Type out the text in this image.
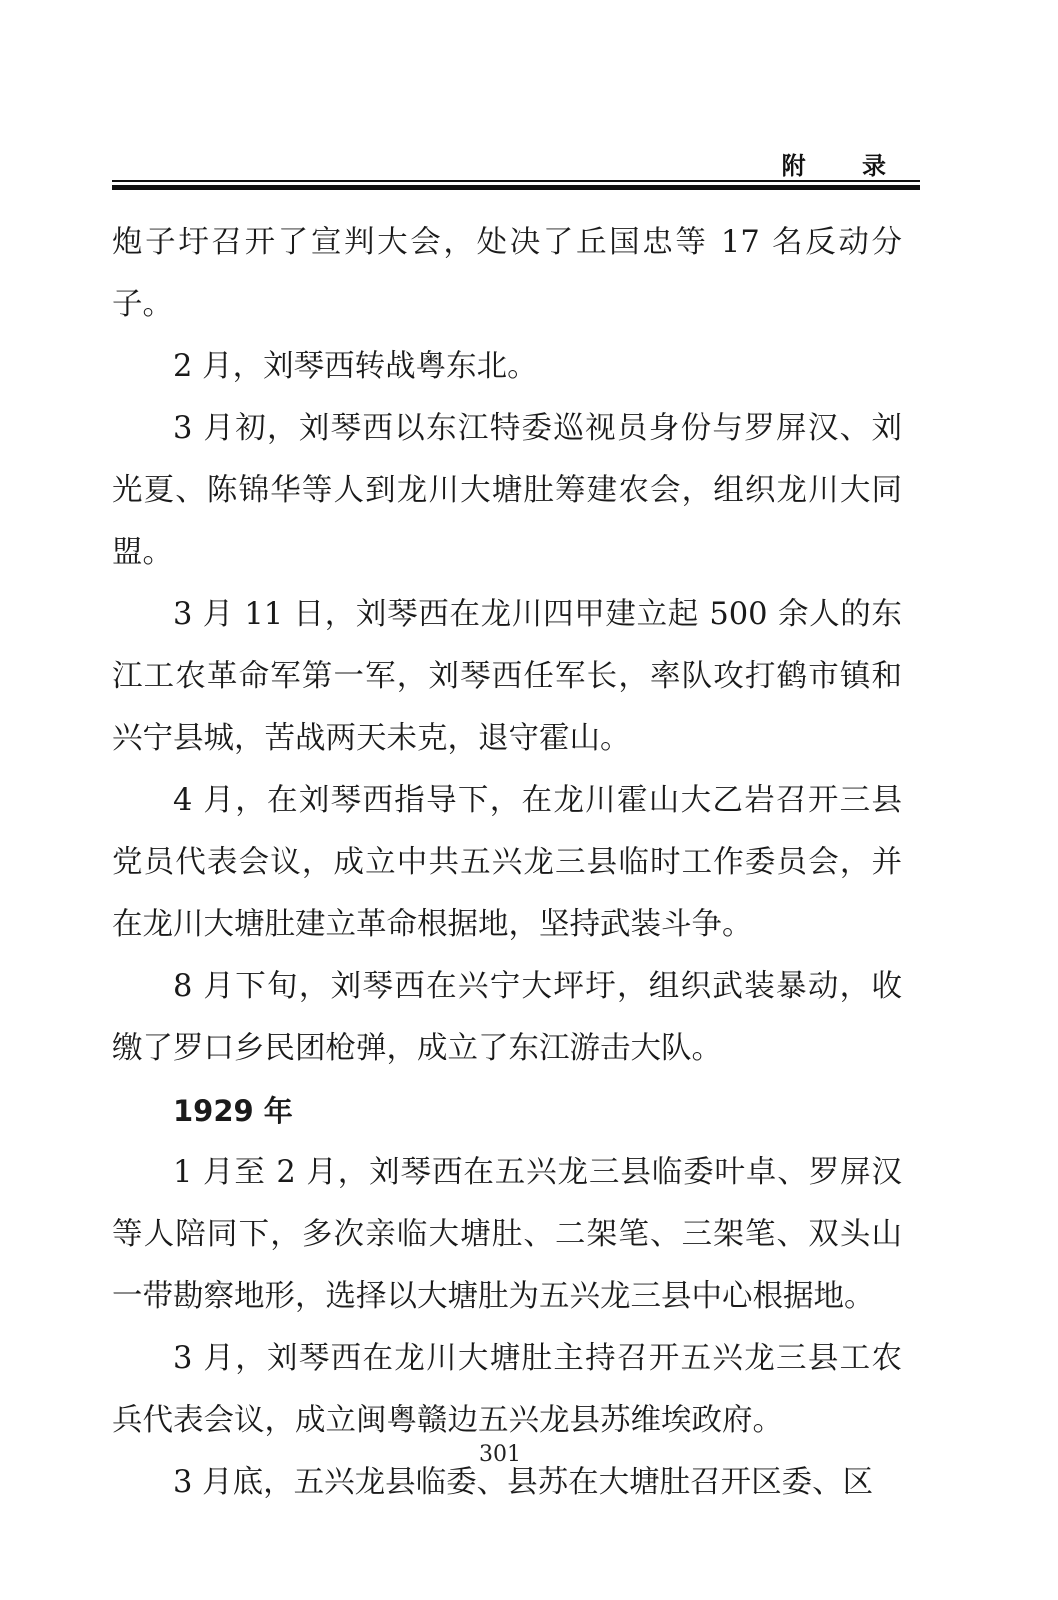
附 录

炮子圩召开了宣判大会，处决了丘国忠等 17 名反动分子。

2 月，刘琴西转战粤东北。

3 月初，刘琴西以东江特委巡视员身份与罗屏汉、刘光夏、陈锦华等人到龙川大塘肚筹建农会，组织龙川大同盟。

3 月 11 日，刘琴西在龙川四甲建立起 500 余人的东江工农革命军第一军，刘琴西任军长，率队攻打鹤市镇和兴宁县城，苦战两天未克，退守霍山。

4 月，在刘琴西指导下，在龙川霍山大乙岩召开三县党员代表会议，成立中共五兴龙三县临时工作委员会，并在龙川大塘肚建立革命根据地，坚持武装斗争。

8 月下旬，刘琴西在兴宁大坪圩，组织武装暴动，收缴了罗口乡民团枪弹，成立了东江游击大队。

1929 年

1 月至 2 月，刘琴西在五兴龙三县临委叶卓、罗屏汉等人陪同下，多次亲临大塘肚、二架笔、三架笔、双头山一带勘察地形，选择以大塘肚为五兴龙三县中心根据地。

3 月，刘琴西在龙川大塘肚主持召开五兴龙三县工农兵代表会议，成立闽粤赣边五兴龙县苏维埃政府。

3 月底，五兴龙县临委、县苏在大塘肚召开区委、区

301
